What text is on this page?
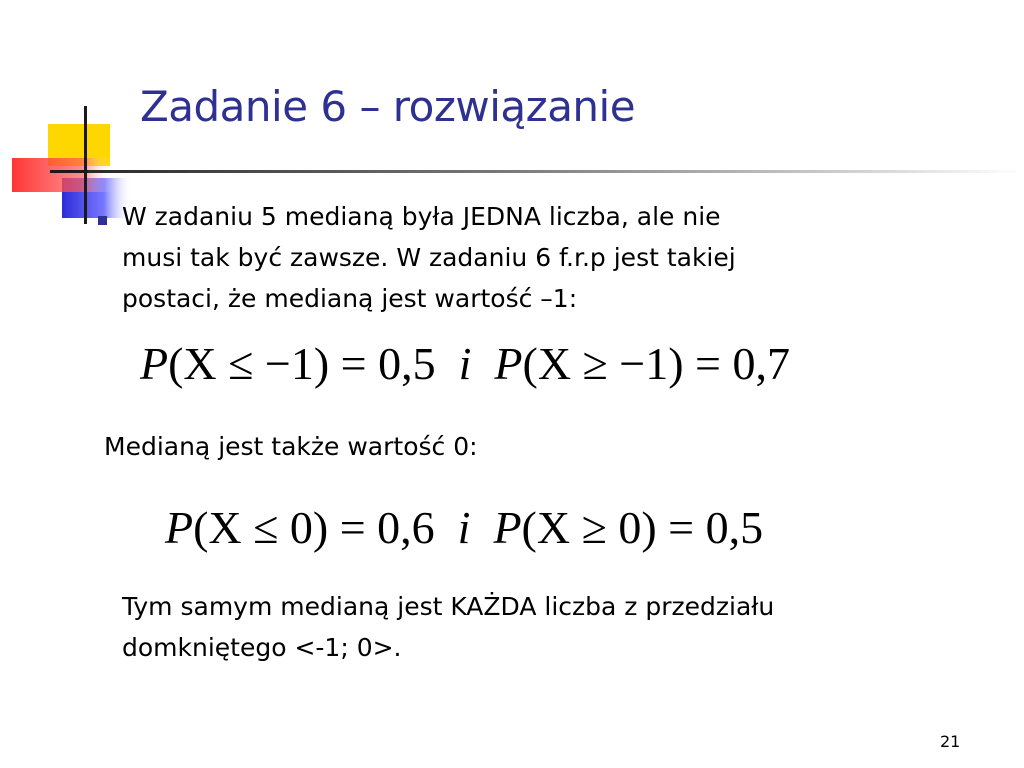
Zadanie 6 – rozwiązanie
W zadaniu 5 medianą była JEDNA liczba, ale nie
musi tak być zawsze. W zadaniu 6 f.r.p jest takiej
postaci, że medianą jest wartość –1:
P(X ≤ −1) = 0,5 i P(X ≥ −1) = 0,7
Medianą jest także wartość 0:
P(X ≤ 0) = 0,6 i P(X ≥ 0) = 0,5
Tym samym medianą jest KAŻDA liczba z przedziału
domkniętego <-1; 0>.
21
